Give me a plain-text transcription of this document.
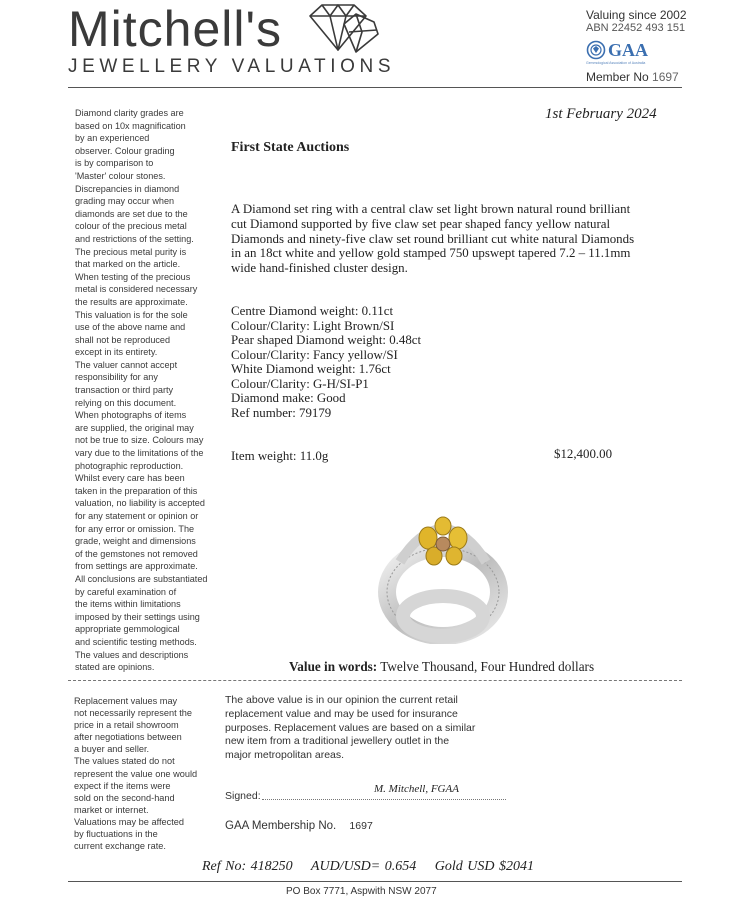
Mitchell's
JEWELLERY VALUATIONS
Valuing since 2002
ABN 22452 493 151
GAA
Gemmological Association of Australia
Member No 1697
Diamond clarity grades are
based on 10x magnification
by an experienced
observer. Colour grading
is by comparison to
'Master' colour stones.
Discrepancies in diamond
grading may occur when
diamonds are set due to the
colour of the precious metal
and restrictions of the setting.
The precious metal purity is
that marked on the article.
When testing of the precious
metal is considered necessary
the results are approximate.
This valuation is for the sole
use of the above name and
shall not be reproduced
except in its entirety.
The valuer cannot accept
responsibility for any
transaction or third party
relying on this document.
When photographs of items
are supplied, the original may
not be true to size. Colours may
vary due to the limitations of the
photographic reproduction.
Whilst every care has been
taken in the preparation of this
valuation, no liability is accepted
for any statement or opinion or
for any error or omission. The
grade, weight and dimensions
of the gemstones not removed
from settings are approximate.
All conclusions are substantiated
by careful examination of
the items within limitations
imposed by their settings using
appropriate gemmological
and scientific testing methods.
The values and descriptions
stated are opinions.
1st February 2024
First State Auctions
A Diamond set ring with a central claw set light brown natural round brilliant
cut Diamond supported by five claw set pear shaped fancy yellow natural
Diamonds and ninety-five claw set round brilliant cut white natural Diamonds
in an 18ct white and yellow gold stamped 750 upswept tapered 7.2 – 11.1mm
wide hand-finished cluster design.
Centre Diamond weight: 0.11ct
Colour/Clarity: Light Brown/SI
Pear shaped Diamond weight: 0.48ct
Colour/Clarity: Fancy yellow/SI
White Diamond weight: 1.76ct
Colour/Clarity: G-H/SI-P1
Diamond make: Good
Ref number: 79179
Item weight: 11.0g	$12,400.00
Value in words: Twelve Thousand, Four Hundred dollars
Replacement values may
not necessarily represent the
price in a retail showroom
after negotiations between
a buyer and seller.
The values stated do not
represent the value one would
expect if the items were
sold on the second-hand
market or internet.
Valuations may be affected
by fluctuations in the
current exchange rate.
The above value is in our opinion the current retail
replacement value and may be used for insurance
purposes. Replacement values are based on a similar
new item from a traditional jewellery outlet in the
major metropolitan areas.
Signed:
M. Mitchell, FGAA
GAA Membership No. 1697
Ref No: 418250 AUD/USD= 0.654 Gold USD $2041
PO Box 7771, Aspwith NSW 2077
